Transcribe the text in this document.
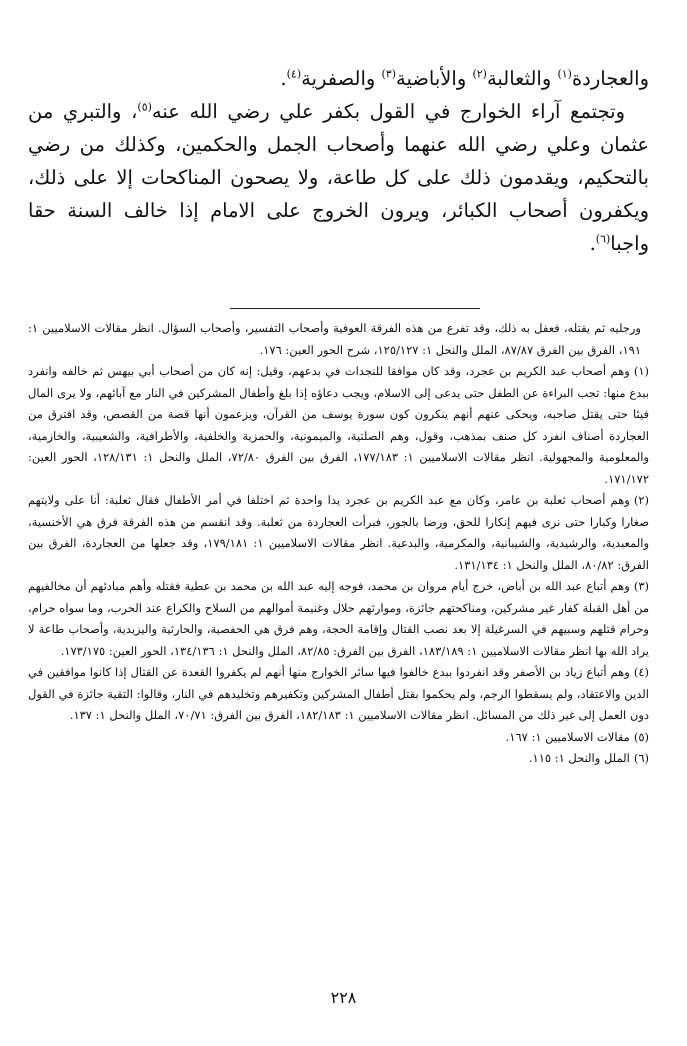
والعجاردة$^{(١)}$ والثعالبة$^{(٢)}$ والأباضية$^{(٣)}$ والصفرية$^{(٤)}$.

وتجتمع آراء الخوارج في القول بكفر علي رضي الله عنه$^{(٥)}$، والتبري من عثمان وعلي رضي الله عنهما وأصحاب الجمل والحكمين، وكذلك من رضي بالتحكيم، ويقدمون ذلك على كل طاعة، ولا يصحون المناكحات إلا على ذلك، ويكفرون أصحاب الكبائر، ويرون الخروج على الامام إذا خالف السنة حقا واجبا$^{(٦)}$.

ورجليه ثم يقتله، فعفل به ذلك، وقد تفرع من هذه الفرقة العوفية وأصحاب التفسير، وأصحاب السؤال. انظر مقالات الاسلاميين ١: ١٩١، الفرق بين الفرق ٨٧/٨٧، الملل والنحل ١: ١٢٥/١٢٧، شرح الحور العين: ١٧٦.

(١)وهم أصحاب عبد الكريم بن عجرد، وقد كان موافقا للنجدات في بدعهم، وقيل: إنه كان من أصحاب أبي بيهس ثم خالفه وانفرد ببدع منها: تجب البراءة عن الطفل حتى يدعى إلى الاسلام، ويجب دعاؤه إذا بلغ وأطفال المشركين في النار مع آبائهم، ولا يرى المال فيئا حتى يقتل صاحبه، ويحكى عنهم أنهم ينكرون كون سورة يوسف من القرآن، ويزعمون أنها قصة من القصص، وقد افترق من العجاردة أصناف انفرد كل صنف بمذهب، وقول، وهم الصلتية، والميمونية، والحمزية والخلفية، والأطرافية، والشعيبية، والخازمية، والمعلومية والمجهولية. انظر مقالات الاسلاميين ١: ١٧٧/١٨٣، الفرق بين الفرق ٧٢/٨٠، الملل والنحل ١: ١٢٨/١٣١، الحور العين: ١٧١/١٧٢.

(٢)وهم أصحاب ثعلبة بن عامر، وكان مع عبد الكريم بن عجرد يدا واحدة ثم اختلفا في أمر الأطفال فقال ثعلبة: أنا على ولايتهم صغارا وكبارا حتى نرى فيهم إنكارا للحق، ورضا بالجور، فبرأت العجاردة من ثعلبة. وقد انقسم من هذه الفرقة فرق هي الأخنسية، والمعبدية، والرشيدية، والشيبانية، والمكرمية، والبدعية. انظر مقالات الاسلاميين ١: ١٧٩/١٨١، وقد جعلها من العجاردة، الفرق بين الفرق: ٨٠/٨٢، الملل والنحل ١: ١٣١/١٣٤.

(٣)وهم أتباع عبد الله بن أباض، خرج أيام مروان بن محمد، فوجه إليه عبد الله بن محمد بن عطية فقتله وأهم مبادئهم أن مخالفيهم من أهل القبلة كفار غير مشركين، ومناكحتهم جائزة، وموارثهم حلال وغنيمة أموالهم من السلاح والكراع عند الحرب، وما سواه حرام، وحرام قتلهم وسبيهم في السرغيلة إلا بعد نصب القتال وإقامة الحجة، وهم فرق هي الحفصية، والحارثية واليزيدية، وأصحاب طاعة لا يراد الله بها انظر مقالات الاسلاميين ١: ١٨٣/١٨٩، الفرق بين الفرق: ٨٢/٨٥، الملل والنحل ١: ١٣٤/١٣٦، الحور العين: ١٧٣/١٧٥.

(٤)وهم أتباع زياد بن الأصفر وقد انفردوا ببدع خالفوا فيها سائر الخوارج منها أنهم لم يكفروا القعدة عن القتال إذا كانوا موافقين في الدين والاعتقاد، ولم يسقطوا الرجم، ولم يحكموا بقتل أطفال المشركين وتكفيرهم وتخليدهم في النار، وقالوا: التقية جائزة في القول دون العمل إلى غير ذلك من المسائل. انظر مقالات الاسلاميين ١: ١٨٢/١٨٣، الفرق بين الفرق: ٧٠/٧١، الملل والنحل ١: ١٣٧.

(٥)مقالات الاسلاميين ١: ١٦٧.

(٦)الملل والنحل ١: ١١٥.

٢٢٨
